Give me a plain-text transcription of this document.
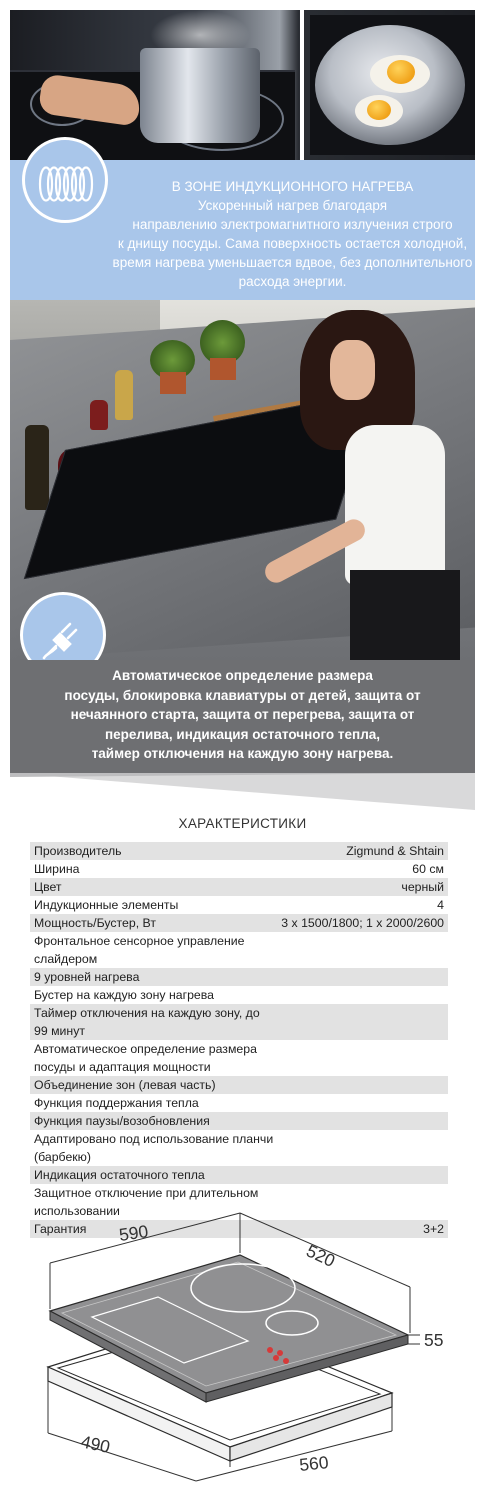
В ЗОНЕ ИНДУКЦИОННОГО НАГРЕВА
Ускоренный нагрев благодаря
направлению электромагнитного излучения строго
к днищу посуды. Сама поверхность остается холодной,
время нагрева уменьшается вдвое, без дополнительного
расхода энергии.
Автоматическое определение размера
посуды, блокировка клавиатуры от детей, защита от
нечаянного старта, защита от перегрева, защита от
перелива, индикация остаточного тепла,
таймер отключения на каждую зону нагрева.
ХАРАКТЕРИСТИКИ
Производитель	Zigmund & Shtain
Ширина	60 см
Цвет	черный
Индукционные элементы	4
Мощность/Бустер, Вт	3 x 1500/1800; 1 x 2000/2600
Фронтальное сенсорное управление слайдером	
9 уровней нагрева	
Бустер на каждую зону нагрева	
Таймер отключения на каждую зону, до 99 минут	
Автоматическое определение размера посуды и адаптация мощности	
Объединение зон (левая часть)	
Функция поддержания тепла	
Функция паузы/возобновления	
Адаптировано под использование планчи (барбекю)	
Индикация остаточного тепла	
Защитное отключение при длительном использовании	
Гарантия	3+2
590
520
55
490
560
